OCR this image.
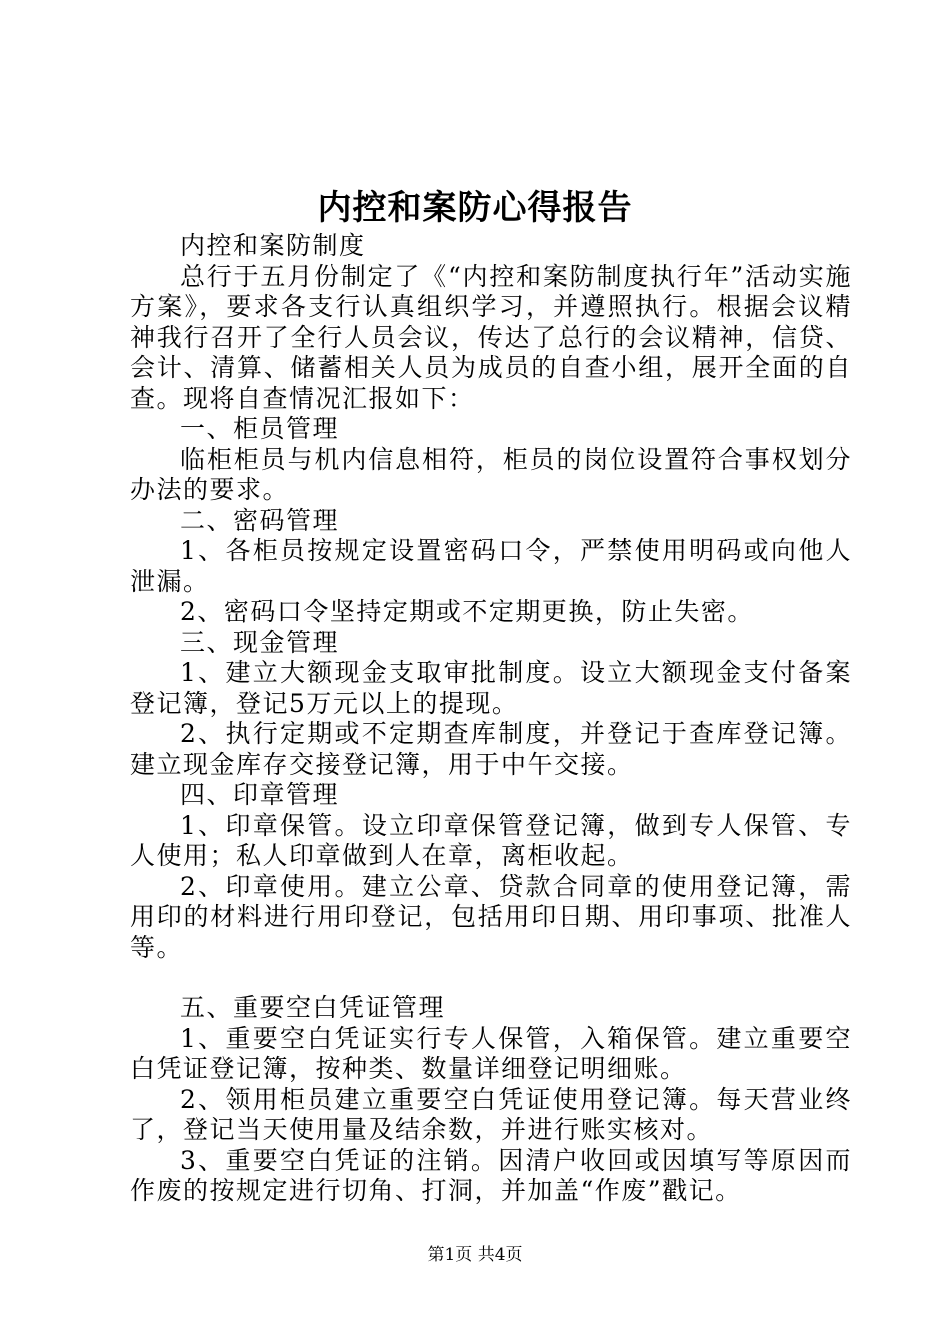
内控和案防心得报告

内控和案防制度

总行于五月份制定了《“内控和案防制度执行年”活动实施方案》，要求各支行认真组织学习，并遵照执行。根据会议精神我行召开了全行人员会议，传达了总行的会议精神，信贷、会计、清算、储蓄相关人员为成员的自查小组，展开全面的自查。现将自查情况汇报如下：

一、柜员管理

临柜柜员与机内信息相符，柜员的岗位设置符合事权划分办法的要求。

二、密码管理

1、各柜员按规定设置密码口令，严禁使用明码或向他人泄漏。

2、密码口令坚持定期或不定期更换，防止失密。

三、现金管理

1、建立大额现金支取审批制度。设立大额现金支付备案登记簿，登记5万元以上的提现。

2、执行定期或不定期查库制度，并登记于查库登记簿。建立现金库存交接登记簿，用于中午交接。

四、印章管理

1、印章保管。设立印章保管登记簿，做到专人保管、专人使用；私人印章做到人在章，离柜收起。

2、印章使用。建立公章、贷款合同章的使用登记簿，需用印的材料进行用印登记，包括用印日期、用印事项、批准人等。

五、重要空白凭证管理

1、重要空白凭证实行专人保管，入箱保管。建立重要空白凭证登记簿，按种类、数量详细登记明细账。

2、领用柜员建立重要空白凭证使用登记簿。每天营业终了，登记当天使用量及结余数，并进行账实核对。

3、重要空白凭证的注销。因清户收回或因填写等原因而作废的按规定进行切角、打洞，并加盖“作废”戳记。

第1页 共4页
